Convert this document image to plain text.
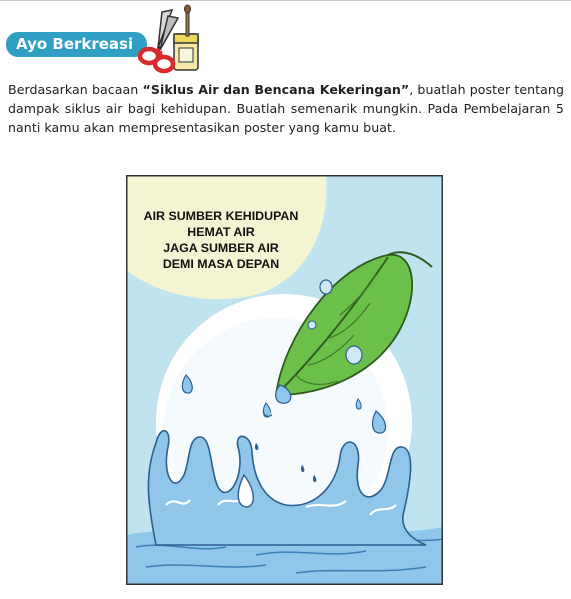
Ayo Berkreasi
Berdasarkan bacaan “Siklus Air dan Bencana Kekeringan”, buatlah poster tentang dampak siklus air bagi kehidupan. Buatlah semenarik mungkin. Pada Pembelajaran 5 nanti kamu akan mempresentasikan poster yang kamu buat.
AIR SUMBER KEHIDUPAN
HEMAT AIR
JAGA SUMBER AIR
DEMI MASA DEPAN
